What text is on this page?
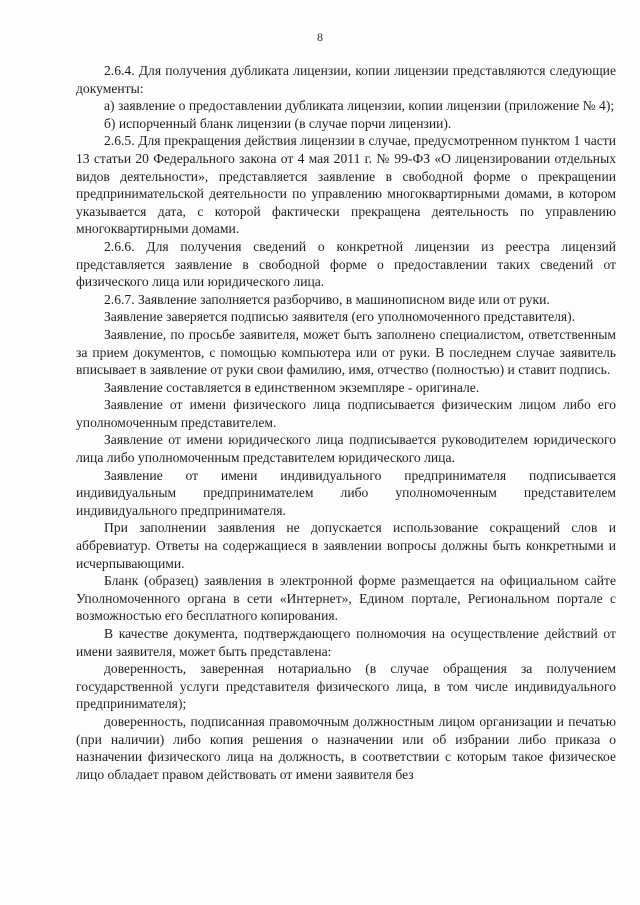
8

2.6.4. Для получения дубликата лицензии, копии лицензии представляются следующие документы:

а) заявление о предоставлении дубликата лицензии, копии лицензии (приложение № 4);

б) испорченный бланк лицензии (в случае порчи лицензии).

2.6.5. Для прекращения действия лицензии в случае, предусмотренном пунктом 1 части 13 статьи 20 Федерального закона от 4 мая 2011 г. № 99-ФЗ «О лицензировании отдельных видов деятельности», представляется заявление в свободной форме о прекращении предпринимательской деятельности по управлению многоквартирными домами, в котором указывается дата, с которой фактически прекращена деятельность по управлению многоквартирными домами.

2.6.6. Для получения сведений о конкретной лицензии из реестра лицензий представляется заявление в свободной форме о предоставлении таких сведений от физического лица или юридического лица.

2.6.7. Заявление заполняется разборчиво, в машинописном виде или от руки.

Заявление заверяется подписью заявителя (его уполномоченного представителя).

Заявление, по просьбе заявителя, может быть заполнено специалистом, ответственным за прием документов, с помощью компьютера или от руки. В последнем случае заявитель вписывает в заявление от руки свои фамилию, имя, отчество (полностью) и ставит подпись.

Заявление составляется в единственном экземпляре - оригинале.

Заявление от имени физического лица подписывается физическим лицом либо его уполномоченным представителем.

Заявление от имени юридического лица подписывается руководителем юридического лица либо уполномоченным представителем юридического лица.

Заявление от имени индивидуального предпринимателя подписывается индивидуальным предпринимателем либо уполномоченным представителем индивидуального предпринимателя.

При заполнении заявления не допускается использование сокращений слов и аббревиатур. Ответы на содержащиеся в заявлении вопросы должны быть конкретными и исчерпывающими.

Бланк (образец) заявления в электронной форме размещается на официальном сайте Уполномоченного органа в сети «Интернет», Едином портале, Региональном портале с возможностью его бесплатного копирования.

В качестве документа, подтверждающего полномочия на осуществление действий от имени заявителя, может быть представлена:

доверенность, заверенная нотариально (в случае обращения за получением государственной услуги представителя физического лица, в том числе индивидуального предпринимателя);

доверенность, подписанная правомочным должностным лицом организации и печатью (при наличии) либо копия решения о назначении или об избрании либо приказа о назначении физического лица на должность, в соответствии с которым такое физическое лицо обладает правом действовать от имени заявителя без
